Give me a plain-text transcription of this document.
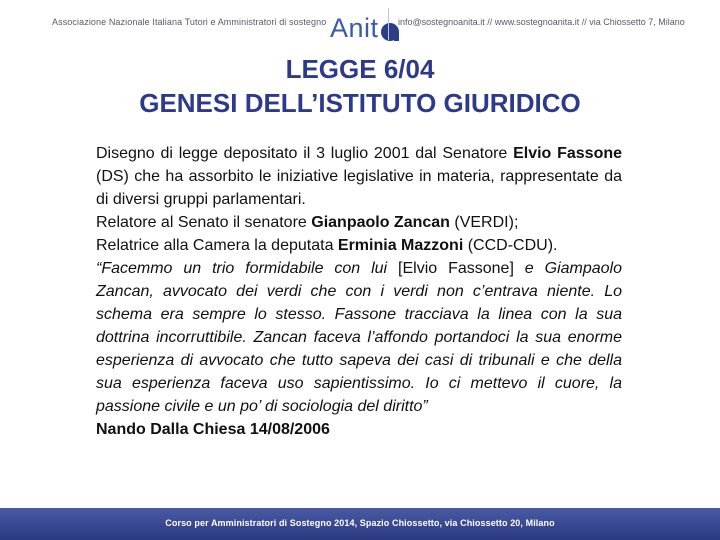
Associazione Nazionale Italiana Tutori e Amministratori di sostegno Anit info@sostegnoanita.it // www.sostegnoanita.it // via Chiossetto 7, Milano
LEGGE 6/04
GENESI DELL’ISTITUTO GIURIDICO

Disegno di legge depositato il 3 luglio 2001 dal Senatore Elvio Fassone (DS) che ha assorbito le iniziative legislative in materia, rappresentate da di diversi gruppi parlamentari.

Relatore al Senato il senatore Gianpaolo Zancan (VERDI);

Relatrice alla Camera la deputata Erminia Mazzoni (CCD-CDU).

“Facemmo un trio formidabile con lui [Elvio Fassone] e Giampaolo Zancan, avvocato dei verdi che con i verdi non c’entrava niente. Lo schema era sempre lo stesso. Fassone tracciava la linea con la sua dottrina incorruttibile. Zancan faceva l’affondo portandoci la sua enorme esperienza di avvocato che tutto sapeva dei casi di tribunali e che della sua esperienza faceva uso sapientissimo. Io ci mettevo il cuore, la passione civile e un po’ di sociologia del diritto”

Nando Dalla Chiesa 14/08/2006

Corso per Amministratori di Sostegno 2014, Spazio Chiossetto, via Chiossetto 20, Milano
